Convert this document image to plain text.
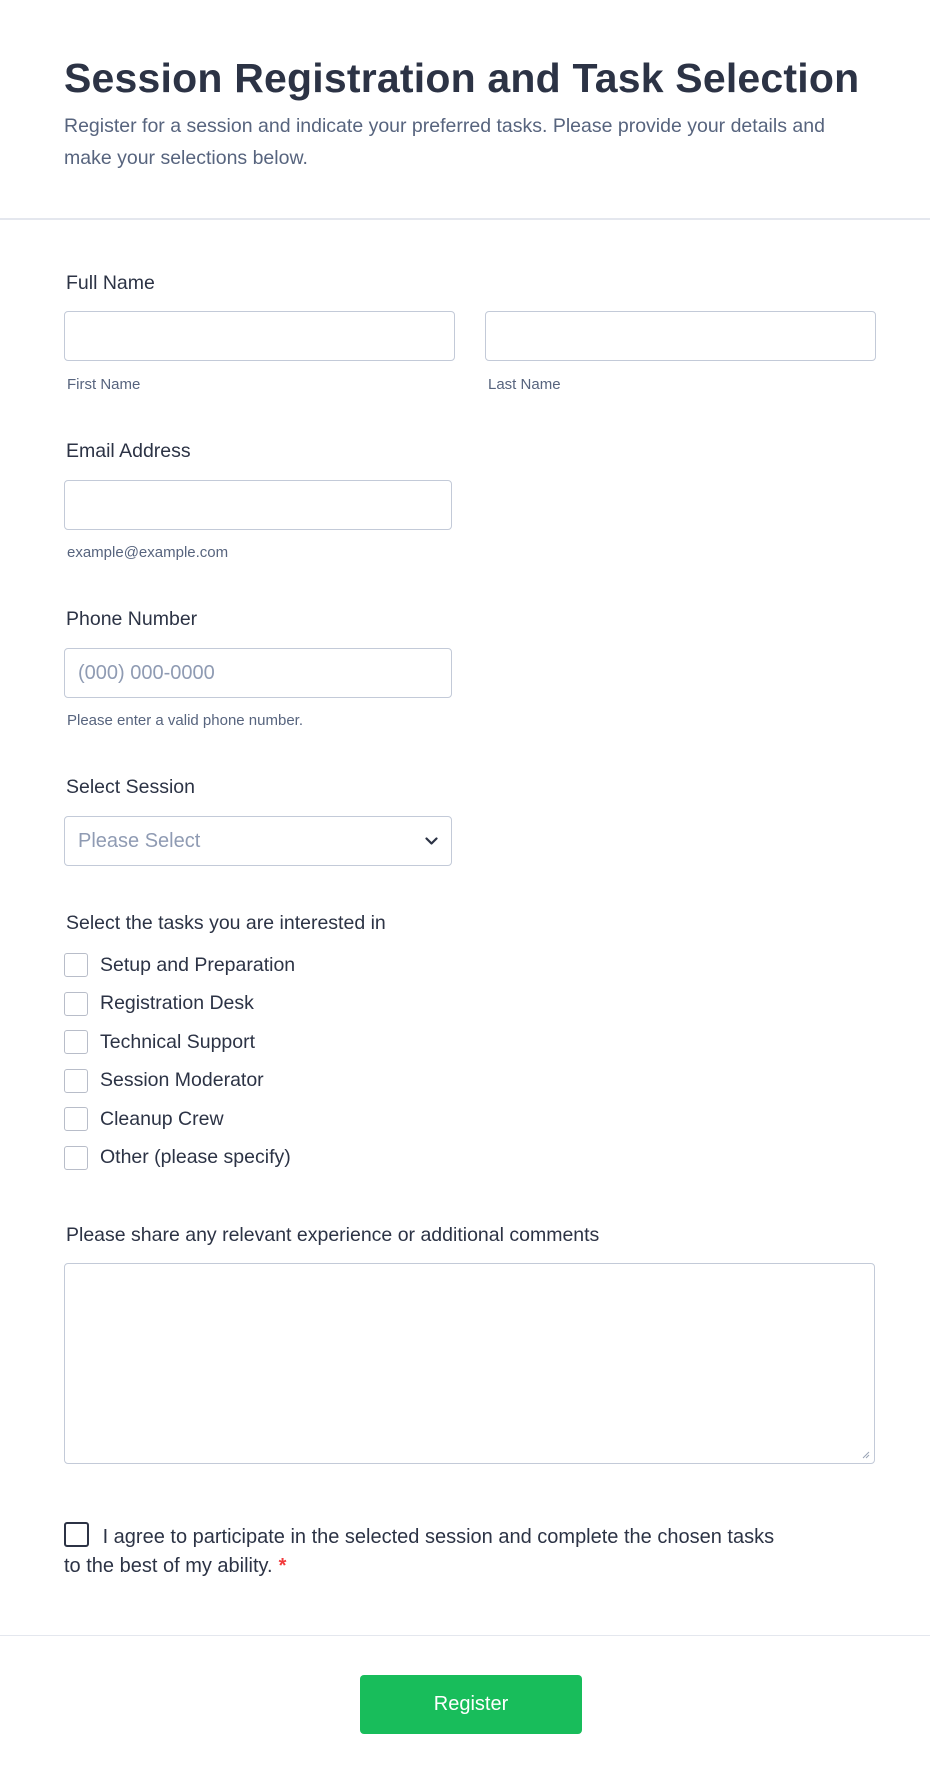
Session Registration and Task Selection

Register for a session and indicate your preferred tasks. Please provide your details and make your selections below.

Full Name
First Name	Last Name
Email Address
example@example.com
Phone Number
(000) 000-0000
Please enter a valid phone number.
Select Session
Please Select
Select the tasks you are interested in
Setup and Preparation
Registration Desk
Technical Support
Session Moderator
Cleanup Crew
Other (please specify)
Please share any relevant experience or additional comments
I agree to participate in the selected session and complete the chosen tasks to the best of my ability. *
Register
